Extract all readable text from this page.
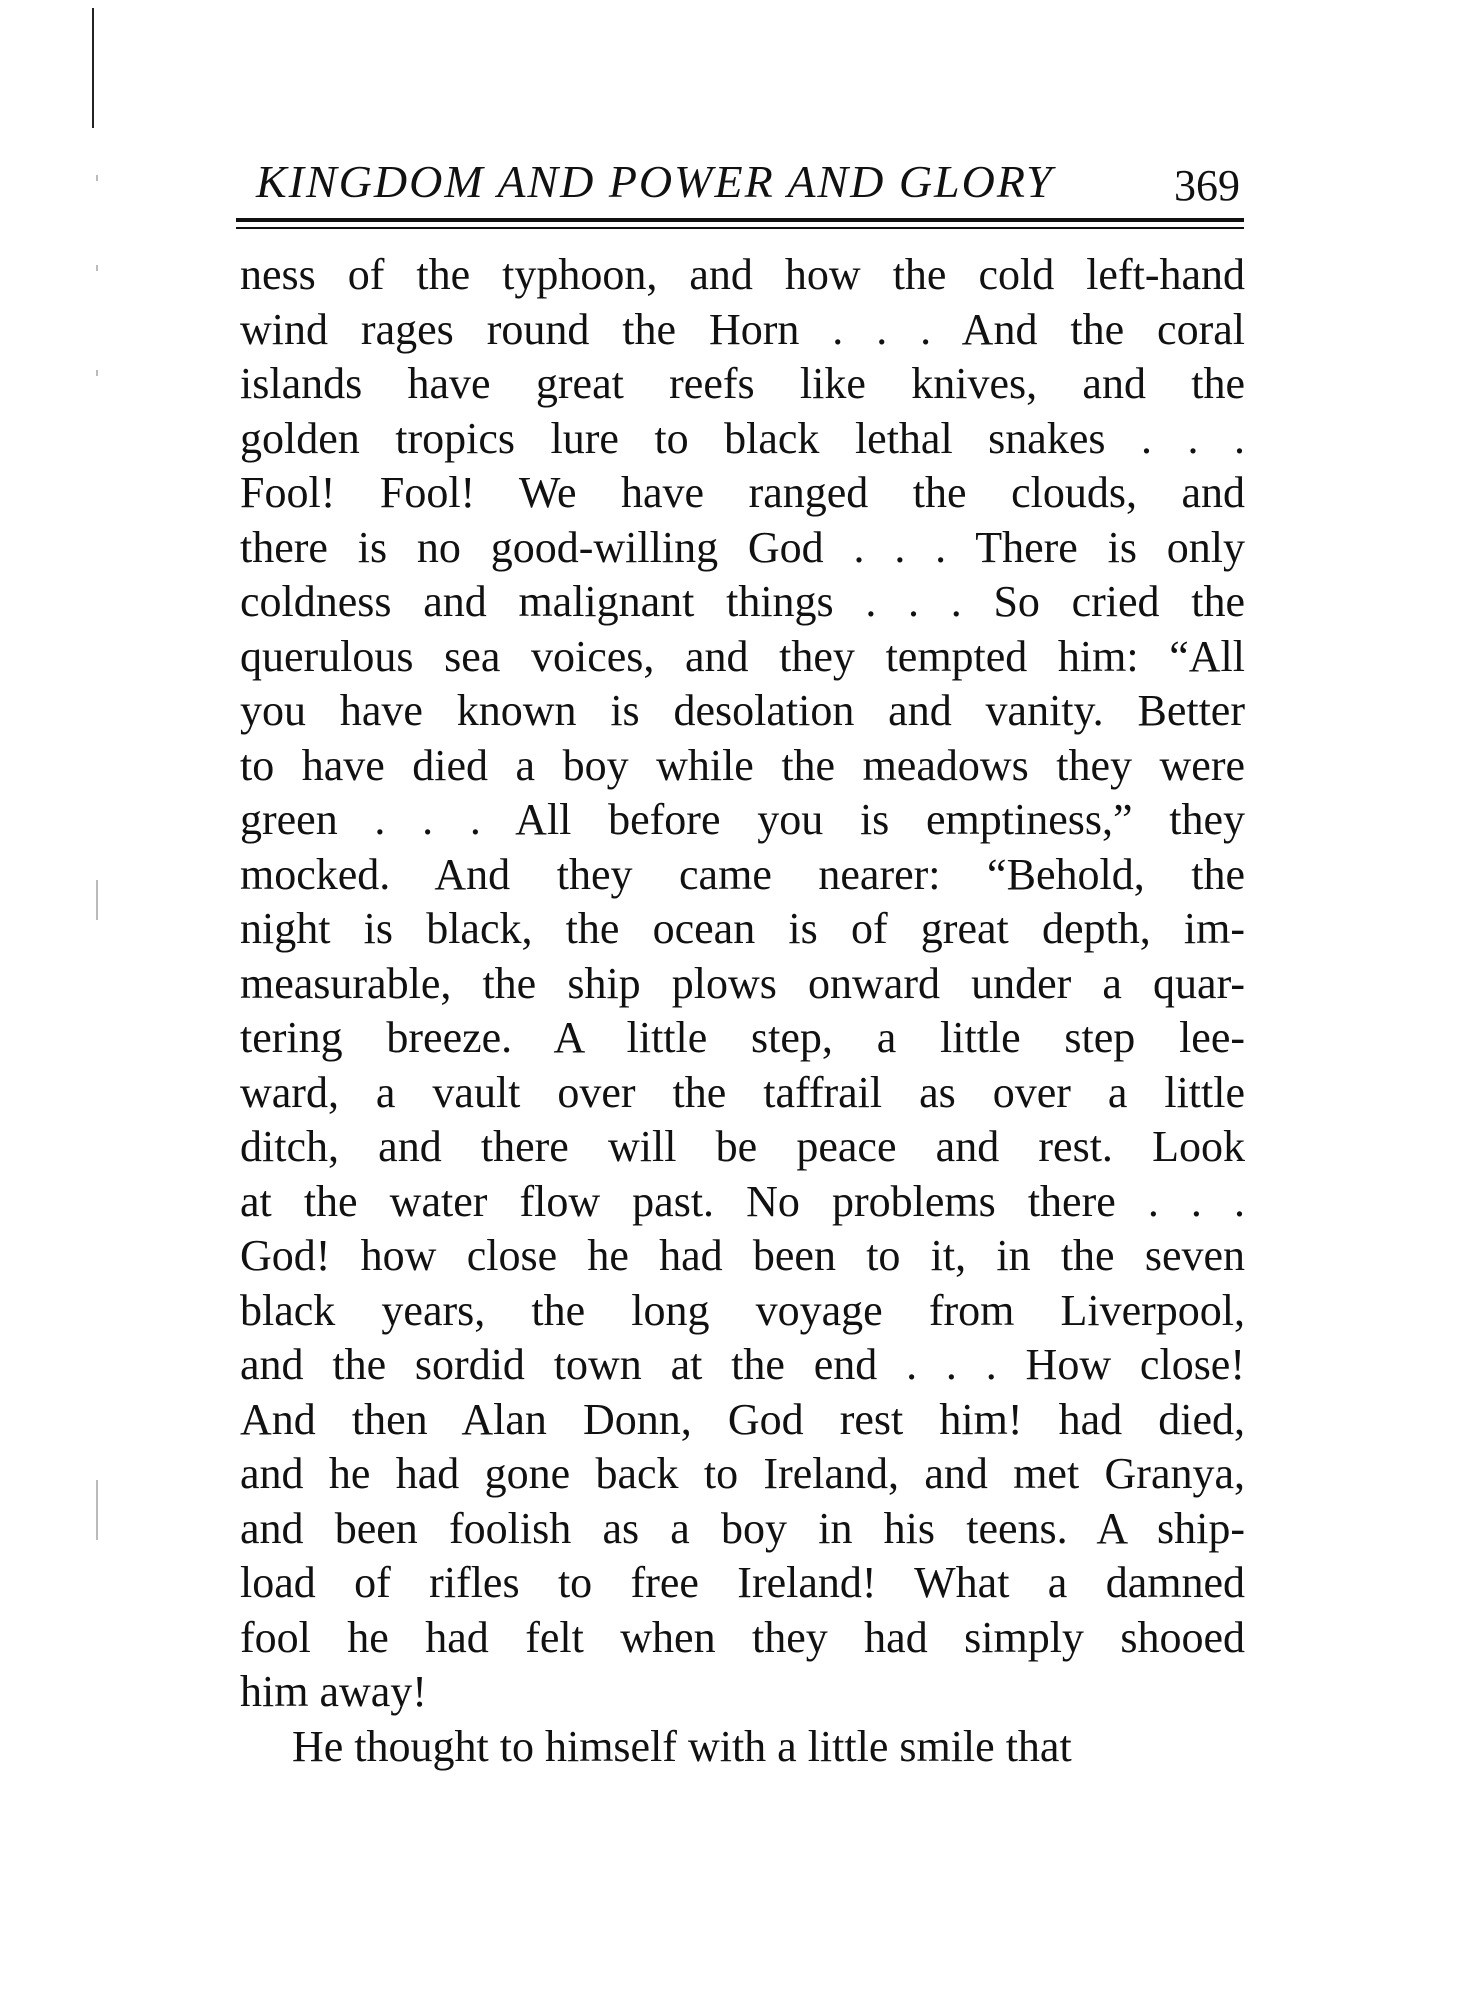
KINGDOM AND POWER AND GLORY	369
ness of the typhoon, and how the cold left-hand
wind rages round the Horn . . . And the coral
islands have great reefs like knives, and the
golden tropics lure to black lethal snakes . . .
Fool! Fool! We have ranged the clouds, and
there is no good-willing God . . . There is only
coldness and malignant things . . . So cried the
querulous sea voices, and they tempted him: “All
you have known is desolation and vanity. Better
to have died a boy while the meadows they were
green . . . All before you is emptiness,” they
mocked. And they came nearer: “Behold, the
night is black, the ocean is of great depth, im-
measurable, the ship plows onward under a quar-
tering breeze. A little step, a little step lee-
ward, a vault over the taffrail as over a little
ditch, and there will be peace and rest. Look
at the water flow past. No problems there . . .
God! how close he had been to it, in the seven
black years, the long voyage from Liverpool,
and the sordid town at the end . . . How close!
And then Alan Donn, God rest him! had died,
and he had gone back to Ireland, and met Granya,
and been foolish as a boy in his teens. A ship-
load of rifles to free Ireland! What a damned
fool he had felt when they had simply shooed
him away!
He thought to himself with a little smile that
